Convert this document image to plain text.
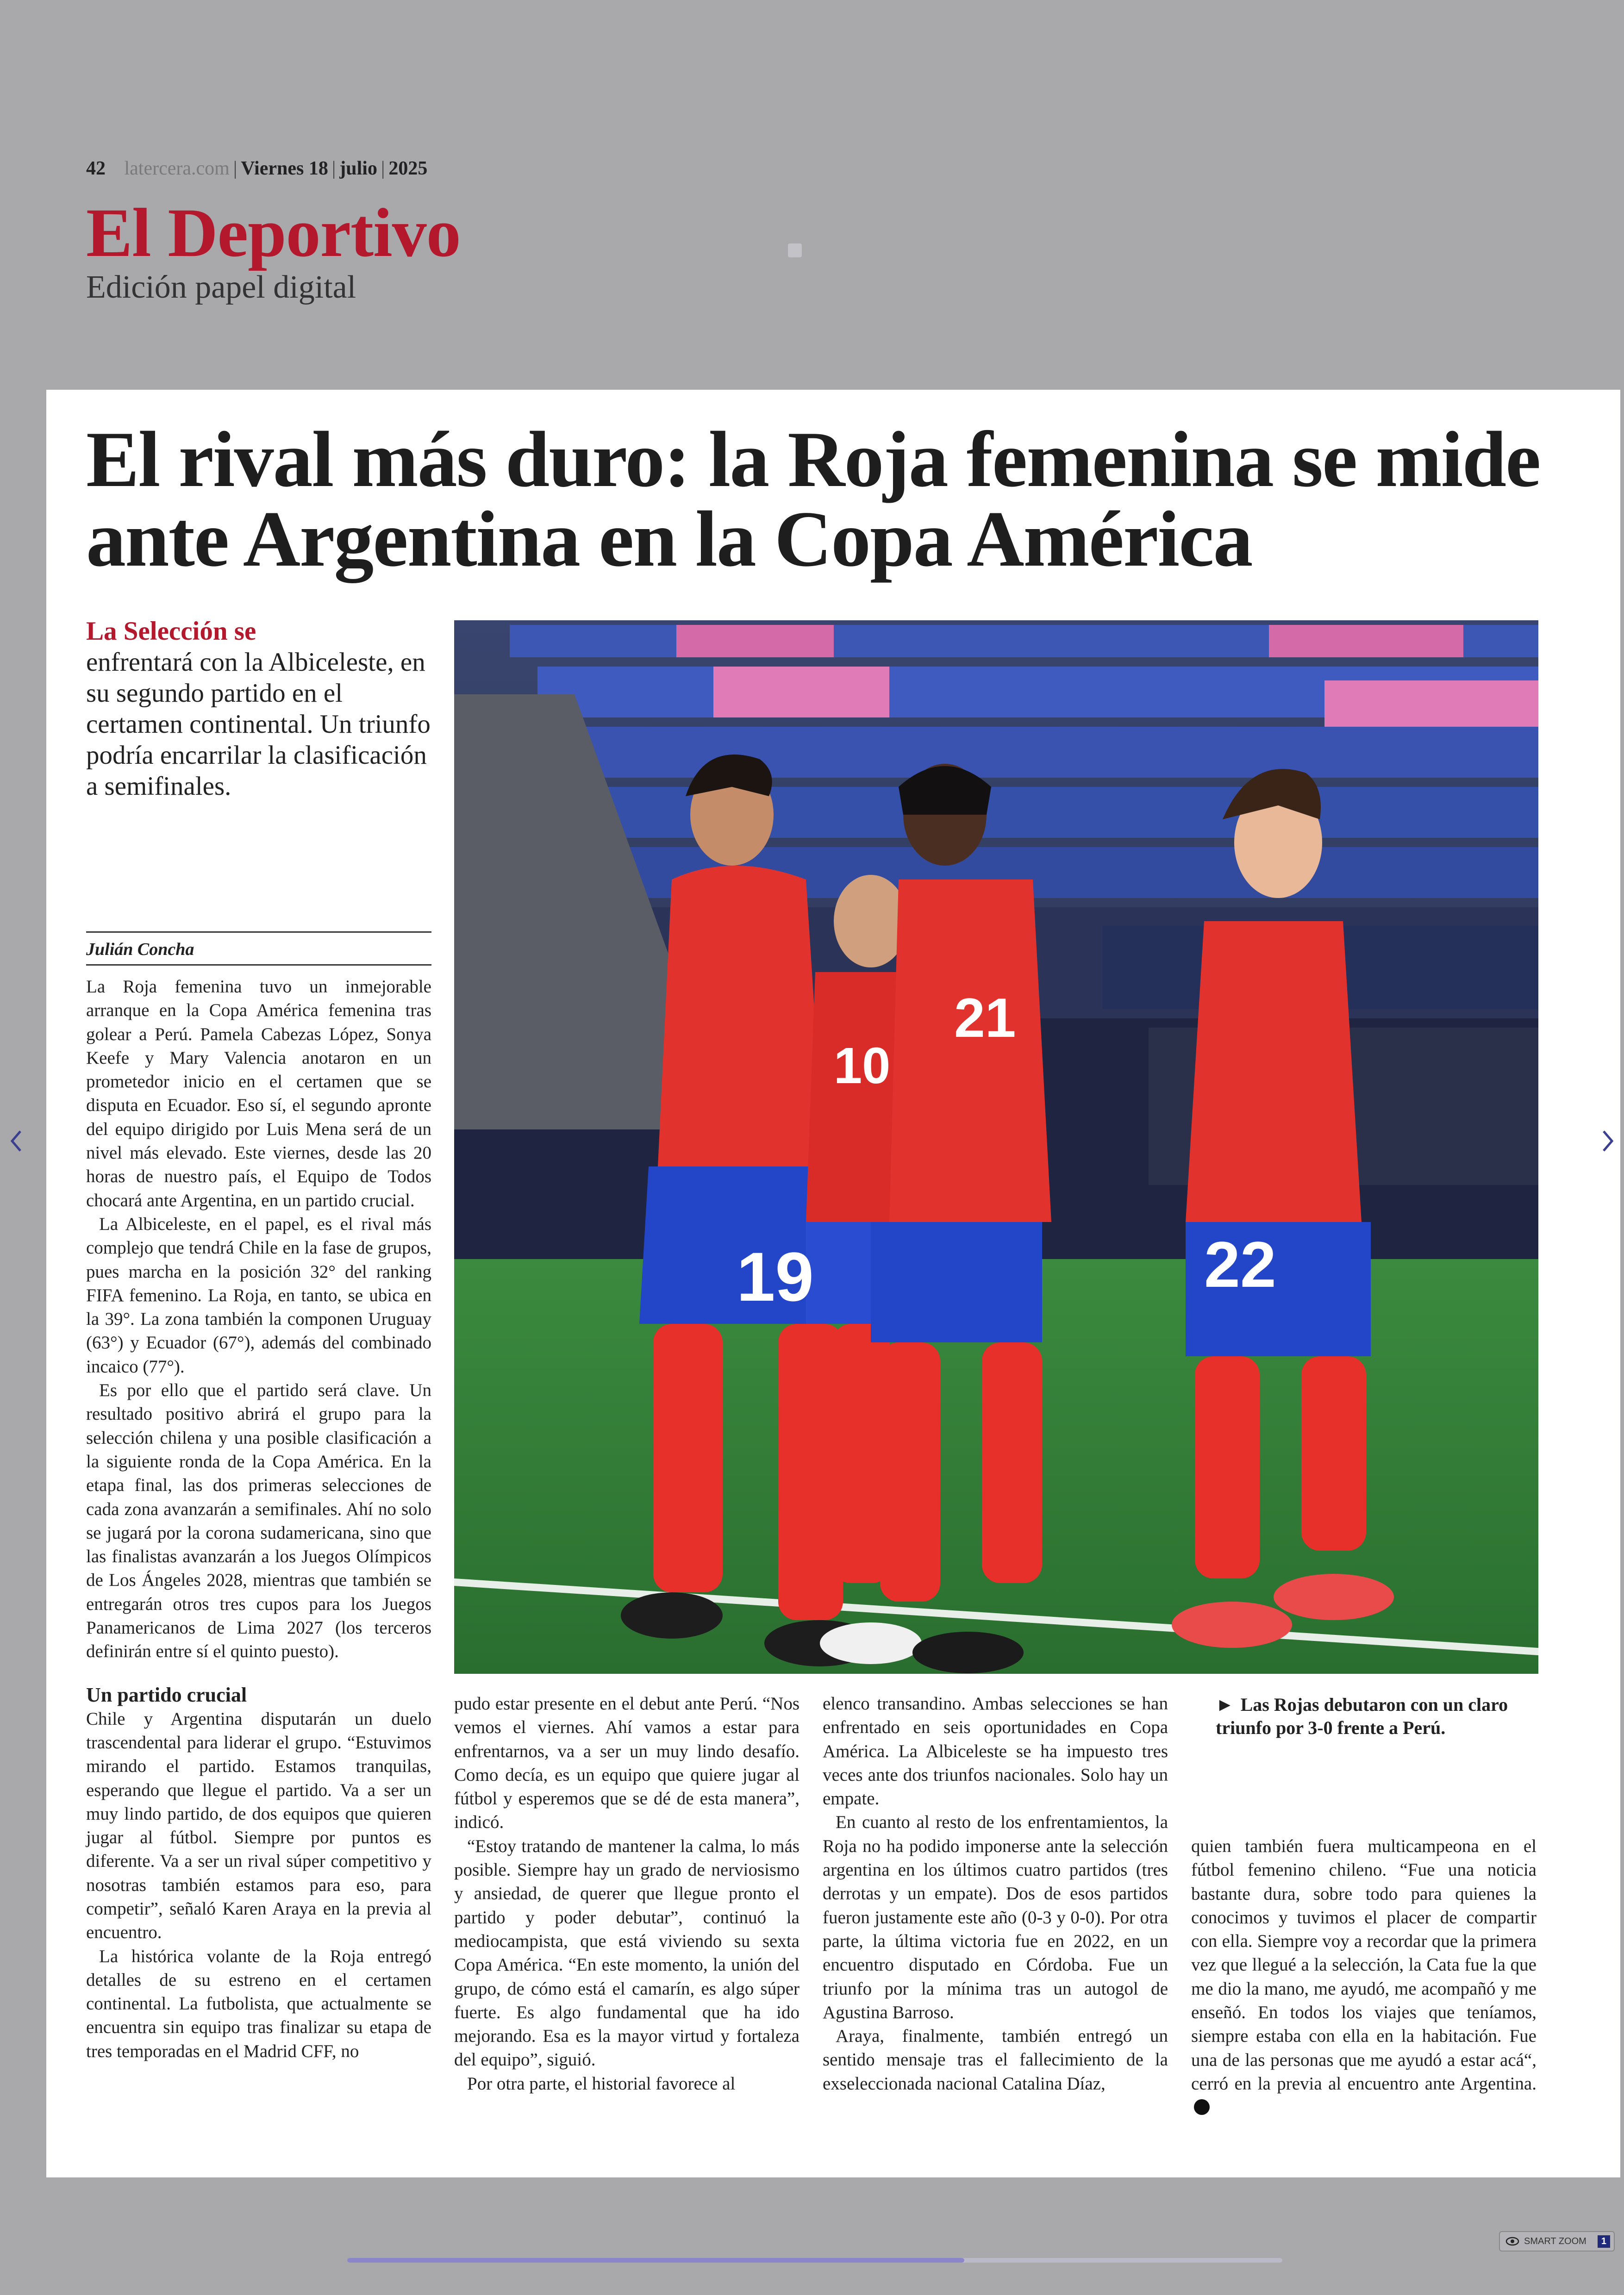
42 latercera.com | Viernes 18 | julio | 2025
El Deportivo
Edición papel digital
El rival más duro: la Roja femenina se mide ante Argentina en la Copa América
La Selección se
enfrentará con la Albiceleste, en su segundo partido en el certamen continental. Un triunfo podría encarrilar la clasificación a semifinales.
Julián Concha
19
10
21
22
► Las Rojas debutaron con un claro triunfo por 3-0 frente a Perú.

La Roja femenina tuvo un inmejorable arranque en la Copa América femenina tras golear a Perú. Pamela Cabezas López, Sonya Keefe y Mary Valencia anotaron en un prometedor inicio en el certamen que se disputa en Ecuador. Eso sí, el segundo apronte del equipo dirigido por Luis Mena será de un nivel más elevado. Este viernes, desde las 20 horas de nuestro país, el Equipo de Todos chocará ante Argentina, en un partido crucial.

La Albiceleste, en el papel, es el rival más complejo que tendrá Chile en la fase de grupos, pues marcha en la posición 32° del ranking FIFA femenino. La Roja, en tanto, se ubica en la 39°. La zona también la componen Uruguay (63°) y Ecuador (67°), además del combinado incaico (77°).

Es por ello que el partido será clave. Un resultado positivo abrirá el grupo para la selección chilena y una posible clasificación a la siguiente ronda de la Copa América. En la etapa final, las dos primeras selecciones de cada zona avanzarán a semifinales. Ahí no solo se jugará por la corona sudamericana, sino que las finalistas avanzarán a los Juegos Olímpicos de Los Ángeles 2028, mientras que también se entregarán otros tres cupos para los Juegos Panamericanos de Lima 2027 (los terceros definirán entre sí el quinto puesto).

Un partido crucial

Chile y Argentina disputarán un duelo trascendental para liderar el grupo. “Estuvimos mirando el partido. Estamos tranquilas, esperando que llegue el partido. Va a ser un muy lindo partido, de dos equipos que quieren jugar al fútbol. Siempre por puntos es diferente. Va a ser un rival súper competitivo y nosotras también estamos para eso, para competir”, señaló Karen Araya en la previa al encuentro.

La histórica volante de la Roja entregó detalles de su estreno en el certamen continental. La futbolista, que actualmente se encuentra sin equipo tras finalizar su etapa de tres temporadas en el Madrid CFF, no

pudo estar presente en el debut ante Perú. “Nos vemos el viernes. Ahí vamos a estar para enfrentarnos, va a ser un muy lindo desafío. Como decía, es un equipo que quiere jugar al fútbol y esperemos que se dé de esta manera”, indicó.

“Estoy tratando de mantener la calma, lo más posible. Siempre hay un grado de nerviosismo y ansiedad, de querer que llegue pronto el partido y poder debutar”, continuó la mediocampista, que está viviendo su sexta Copa América. “En este momento, la unión del grupo, de cómo está el camarín, es algo súper fuerte. Es algo fundamental que ha ido mejorando. Esa es la mayor virtud y fortaleza del equipo”, siguió.

Por otra parte, el historial favorece al

elenco transandino. Ambas selecciones se han enfrentado en seis oportunidades en Copa América. La Albiceleste se ha impuesto tres veces ante dos triunfos nacionales. Solo hay un empate.

En cuanto al resto de los enfrentamientos, la Roja no ha podido imponerse ante la selección argentina en los últimos cuatro partidos (tres derrotas y un empate). Dos de esos partidos fueron justamente este año (0-3 y 0-0). Por otra parte, la última victoria fue en 2022, en un encuentro disputado en Córdoba. Fue un triunfo por la mínima tras un autogol de Agustina Barroso.

Araya, finalmente, también entregó un sentido mensaje tras el fallecimiento de la exseleccionada nacional Catalina Díaz,

quien también fuera multicampeona en el fútbol femenino chileno. “Fue una noticia bastante dura, sobre todo para quienes la conocimos y tuvimos el placer de compartir con ella. Siempre voy a recordar que la primera vez que llegué a la selección, la Cata fue la que me dio la mano, me ayudó, me acompañó y me enseñó. En todos los viajes que teníamos, siempre estaba con ella en la habitación. Fue una de las personas que me ayudó a estar acá“, cerró en la previa al encuentro ante Argentina.

SMART ZOOM	1
